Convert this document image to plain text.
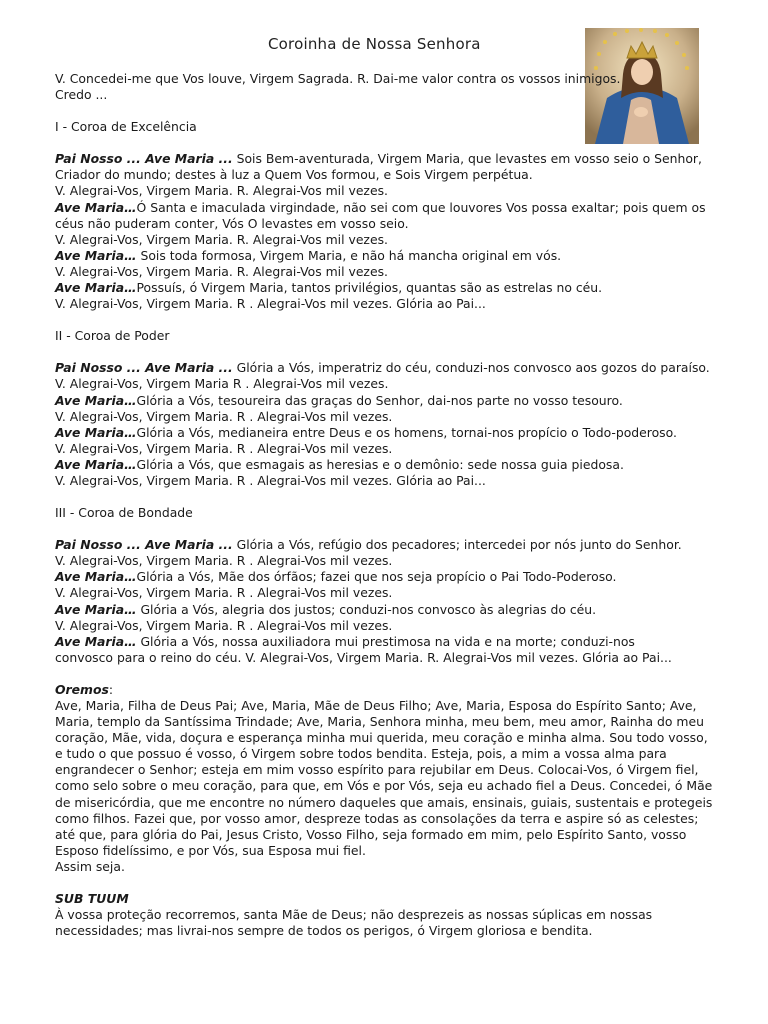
Coroinha de Nossa Senhora
V. Concedei-me que Vos louve, Virgem Sagrada. R. Dai-me valor contra os vossos inimigos.
Credo ...
I - Coroa de Excelência
Pai Nosso ... Ave Maria ... Sois Bem-aventurada, Virgem Maria, que levastes em vosso seio o Senhor, Criador do mundo; destes à luz a Quem Vos formou, e Sois Virgem perpétua.
V. Alegrai-Vos, Virgem Maria. R. Alegrai-Vos mil vezes.
Ave Maria…Ó Santa e imaculada virgindade, não sei com que louvores Vos possa exaltar; pois quem os céus não puderam conter, Vós O levastes em vosso seio.
V. Alegrai-Vos, Virgem Maria. R. Alegrai-Vos mil vezes.
Ave Maria… Sois toda formosa, Virgem Maria, e não há mancha original em vós.
V. Alegrai-Vos, Virgem Maria. R. Alegrai-Vos mil vezes.
Ave Maria…Possuís, ó Virgem Maria, tantos privilégios, quantas são as estrelas no céu.
V. Alegrai-Vos, Virgem Maria. R . Alegrai-Vos mil vezes. Glória ao Pai...
II - Coroa de Poder
Pai Nosso ... Ave Maria ... Glória a Vós, imperatriz do céu, conduzi-nos convosco aos gozos do paraíso.
V. Alegrai-Vos, Virgem Maria R . Alegrai-Vos mil vezes.
Ave Maria…Glória a Vós, tesoureira das graças do Senhor, dai-nos parte no vosso tesouro.
V. Alegrai-Vos, Virgem Maria. R . Alegrai-Vos mil vezes.
Ave Maria…Glória a Vós, medianeira entre Deus e os homens, tornai-nos propício o Todo-poderoso.
V. Alegrai-Vos, Virgem Maria. R . Alegrai-Vos mil vezes.
Ave Maria…Glória a Vós, que esmagais as heresias e o demônio: sede nossa guia piedosa.
V. Alegrai-Vos, Virgem Maria. R . Alegrai-Vos mil vezes. Glória ao Pai...
III - Coroa de Bondade
Pai Nosso ... Ave Maria ... Glória a Vós, refúgio dos pecadores; intercedei por nós junto do Senhor.
V. Alegrai-Vos, Virgem Maria. R . Alegrai-Vos mil vezes.
Ave Maria…Glória a Vós, Mãe dos órfãos; fazei que nos seja propício o Pai Todo-Poderoso.
V. Alegrai-Vos, Virgem Maria. R . Alegrai-Vos mil vezes.
Ave Maria… Glória a Vós, alegria dos justos; conduzi-nos convosco às alegrias do céu.
V. Alegrai-Vos, Virgem Maria. R . Alegrai-Vos mil vezes.
Ave Maria… Glória a Vós, nossa auxiliadora mui prestimosa na vida e na morte; conduzi-nos convosco para o reino do céu. V. Alegrai-Vos, Virgem Maria. R. Alegrai-Vos mil vezes. Glória ao Pai...
Oremos:
Ave, Maria, Filha de Deus Pai; Ave, Maria, Mãe de Deus Filho; Ave, Maria, Esposa do Espírito Santo; Ave, Maria, templo da Santíssima Trindade; Ave, Maria, Senhora minha, meu bem, meu amor, Rainha do meu coração, Mãe, vida, doçura e esperança minha mui querida, meu coração e minha alma. Sou todo vosso, e tudo o que possuo é vosso, ó Virgem sobre todos bendita. Esteja, pois, a mim a vossa alma para engrandecer o Senhor; esteja em mim vosso espírito para rejubilar em Deus. Colocai-Vos, ó Virgem fiel, como selo sobre o meu coração, para que, em Vós e por Vós, seja eu achado fiel a Deus. Concedei, ó Mãe de misericórdia, que me encontre no número daqueles que amais, ensinais, guiais, sustentais e protegeis como filhos. Fazei que, por vosso amor, despreze todas as consolações da terra e aspire só as celestes; até que, para glória do Pai, Jesus Cristo, Vosso Filho, seja formado em mim, pelo Espírito Santo, vosso Esposo fidelíssimo, e por Vós, sua Esposa mui fiel.
Assim seja.
SUB TUUM
À vossa proteção recorremos, santa Mãe de Deus; não desprezeis as nossas súplicas em nossas necessidades; mas livrai-nos sempre de todos os perigos, ó Virgem gloriosa e bendita.
